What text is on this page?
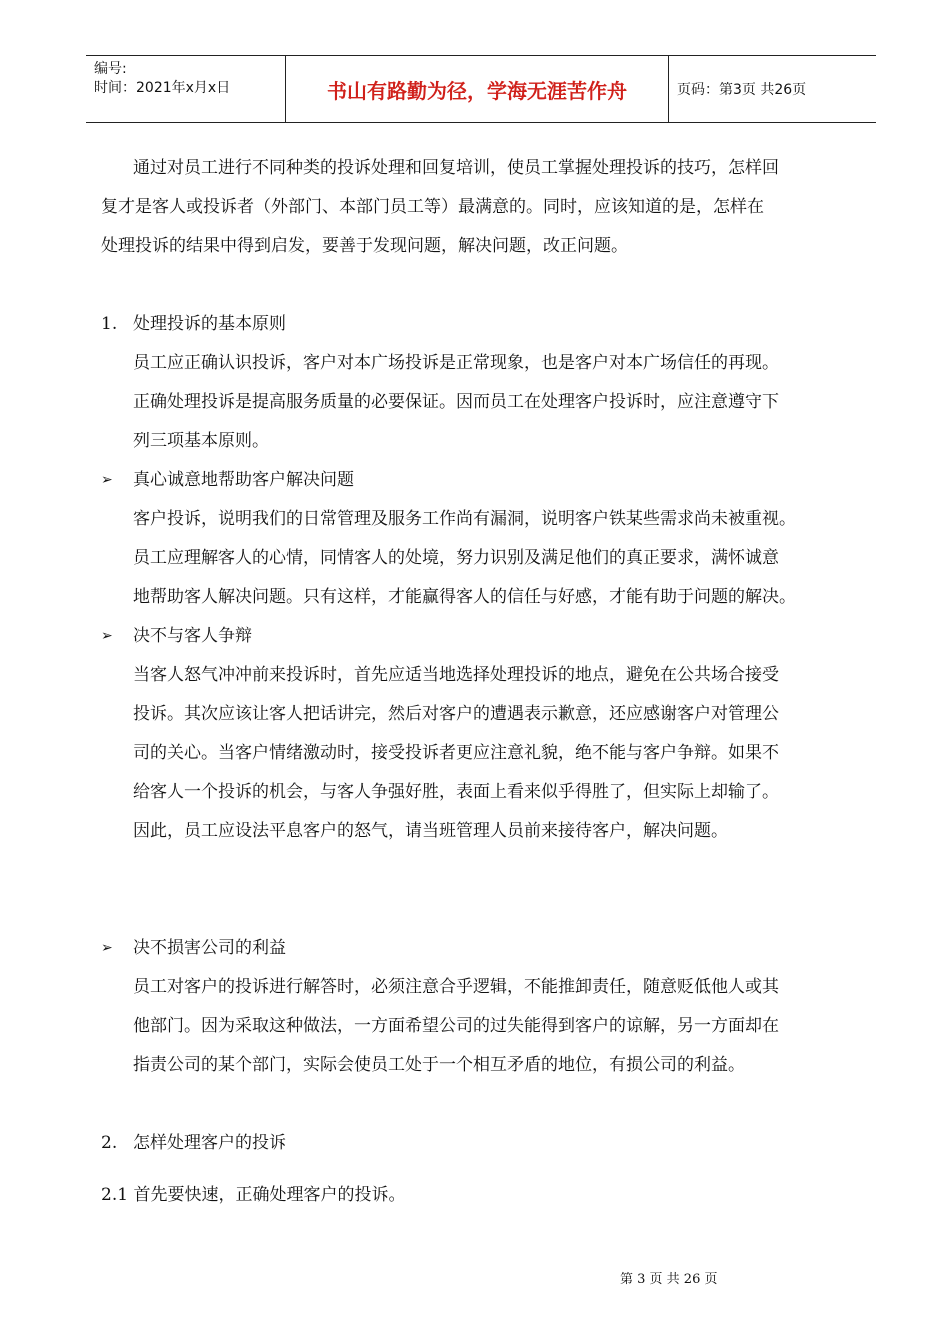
编号:
时间：2021年x月x日	书山有路勤为径，学海无涯苦作舟	页码：第3页 共26页
通过对员工进行不同种类的投诉处理和回复培训，使员工掌握处理投诉的技巧，怎样回
复才是客人或投诉者（外部门、本部门员工等）最满意的。同时，应该知道的是，怎样在
处理投诉的结果中得到启发，要善于发现问题，解决问题，改正问题。
1. 处理投诉的基本原则
员工应正确认识投诉，客户对本广场投诉是正常现象，也是客户对本广场信任的再现。
正确处理投诉是提高服务质量的必要保证。因而员工在处理客户投诉时，应注意遵守下
列三项基本原则。
➢ 真心诚意地帮助客户解决问题
客户投诉，说明我们的日常管理及服务工作尚有漏洞，说明客户铁某些需求尚未被重视。
员工应理解客人的心情，同情客人的处境，努力识别及满足他们的真正要求，满怀诚意
地帮助客人解决问题。只有这样，才能赢得客人的信任与好感，才能有助于问题的解决。
➢ 决不与客人争辩
当客人怒气冲冲前来投诉时，首先应适当地选择处理投诉的地点，避免在公共场合接受
投诉。其次应该让客人把话讲完，然后对客户的遭遇表示歉意，还应感谢客户对管理公
司的关心。当客户情绪激动时，接受投诉者更应注意礼貌，绝不能与客户争辩。如果不
给客人一个投诉的机会，与客人争强好胜，表面上看来似乎得胜了，但实际上却输了。
因此，员工应设法平息客户的怒气，请当班管理人员前来接待客户，解决问题。
➢ 决不损害公司的利益
员工对客户的投诉进行解答时，必须注意合乎逻辑，不能推卸责任，随意贬低他人或其
他部门。因为采取这种做法，一方面希望公司的过失能得到客户的谅解，另一方面却在
指责公司的某个部门，实际会使员工处于一个相互矛盾的地位，有损公司的利益。
2. 怎样处理客户的投诉
2.1 首先要快速，正确处理客户的投诉。
第 3 页 共 26 页
